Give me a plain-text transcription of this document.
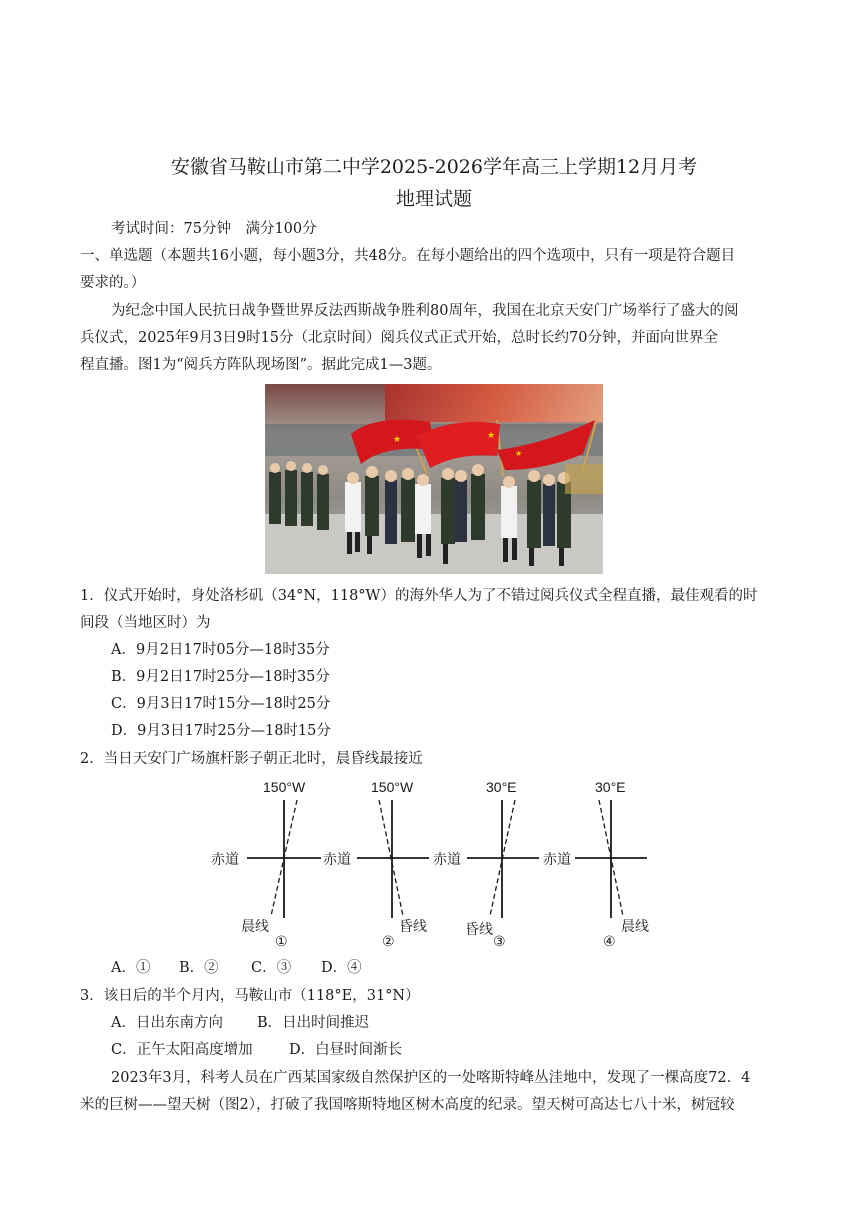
安徽省马鞍山市第二中学2025-2026学年高三上学期12月月考
地理试题
考试时间：75分钟　满分100分
一、单选题（本题共16小题，每小题3分，共48分。在每小题给出的四个选项中，只有一项是符合题目
要求的。）
为纪念中国人民抗日战争暨世界反法西斯战争胜利80周年，我国在北京天安门广场举行了盛大的阅
兵仪式，2025年9月3日9时15分（北京时间）阅兵仪式正式开始，总时长约70分钟，并面向世界全
程直播。图1为“阅兵方阵队现场图”。据此完成1—3题。
★	★
★
1．仪式开始时，身处洛杉矶（34°N，118°W）的海外华人为了不错过阅兵仪式全程直播，最佳观看的时
间段（当地区时）为
A．9月2日17时05分—18时35分
B．9月2日17时25分—18时35分
C．9月3日17时15分—18时25分
D．9月3日17时25分—18时15分
2．当日天安门广场旗杆影子朝正北时，晨昏线最接近
150°W
赤道
晨线
①
150°W
赤道
昏线
②
30°E
赤道
昏线
③
30°E
赤道
晨线
④
A．① B．② C．③ D．④
3．该日后的半个月内，马鞍山市（118°E，31°N）
A．日出东南方向 B．日出时间推迟
C．正午太阳高度增加	D．白昼时间渐长
2023年3月，科考人员在广西某国家级自然保护区的一处喀斯特峰丛洼地中，发现了一棵高度72．4
米的巨树——望天树（图2），打破了我国喀斯特地区树木高度的纪录。望天树可高达七八十米，树冠较
